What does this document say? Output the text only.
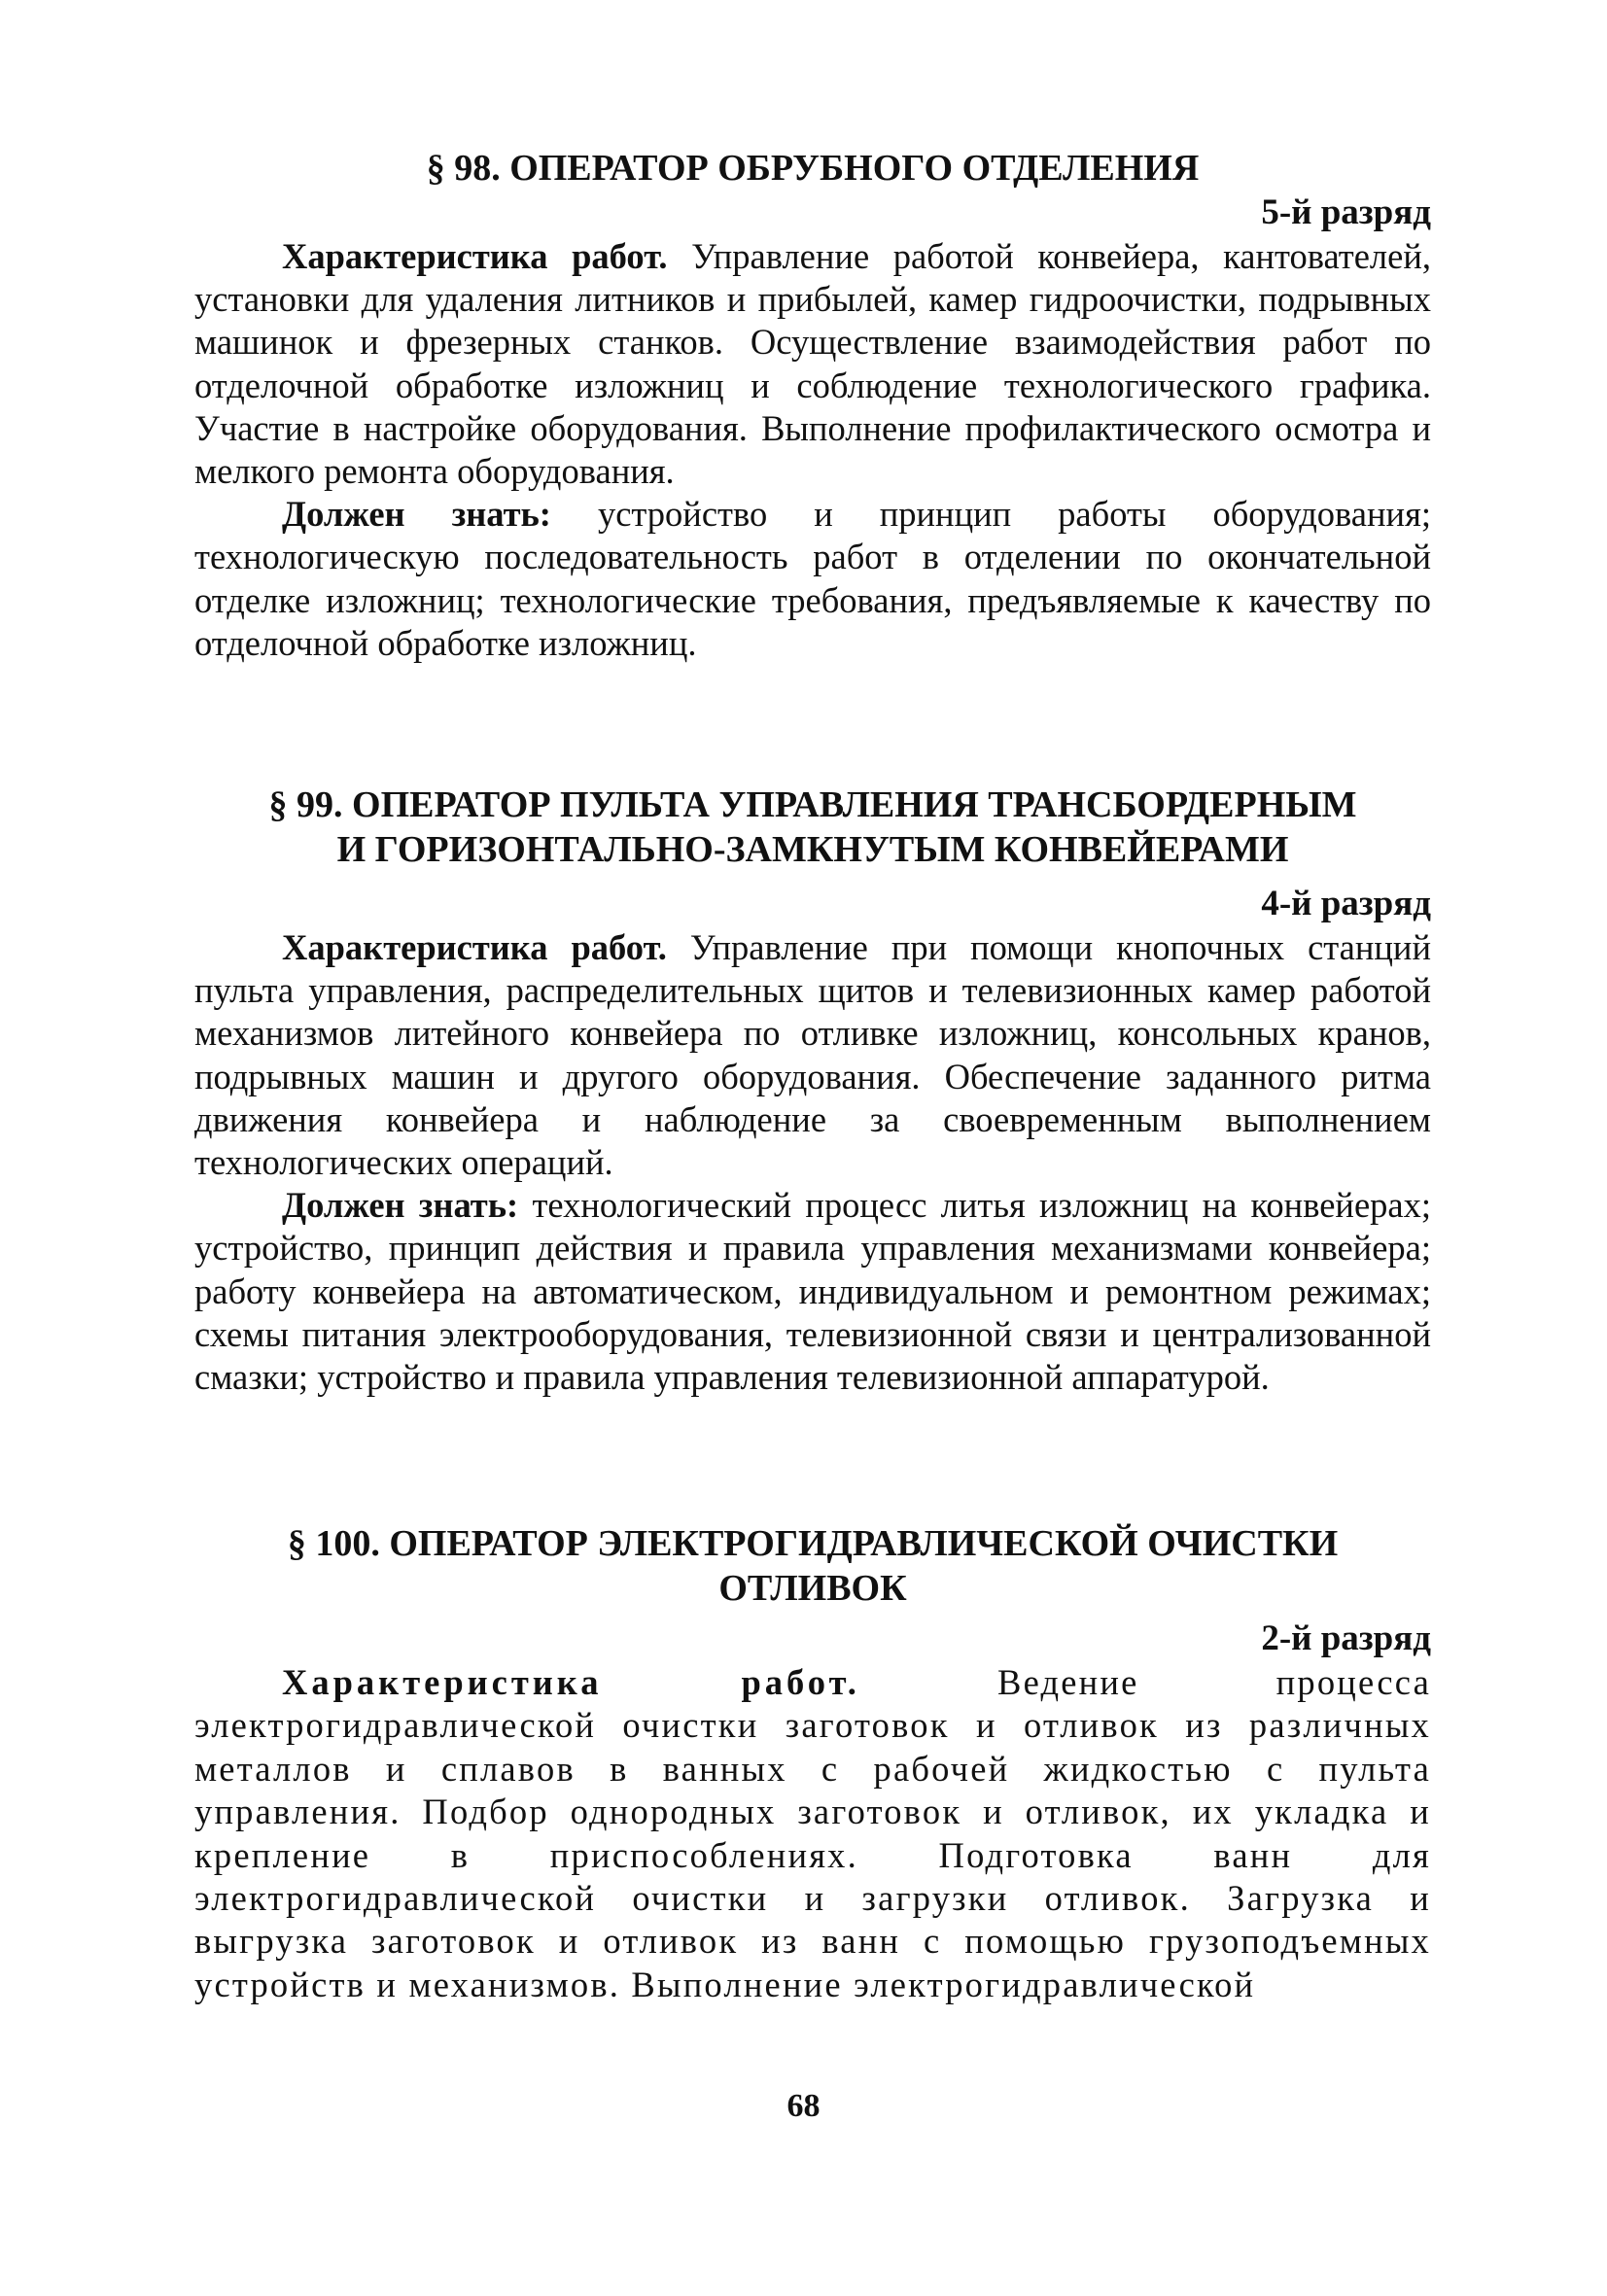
§ 98. ОПЕРАТОР ОБРУБНОГО ОТДЕЛЕНИЯ

5-й разряд

Характеристика работ. Управление работой конвейера, кантователей, установки для удаления литников и прибылей, камер гидроочистки, подрывных машинок и фрезерных станков. Осуществление взаимодействия работ по отделочной обработке изложниц и соблюдение технологического графика. Участие в настройке оборудования. Выполнение профилактического осмотра и мелкого ремонта оборудования.

Должен знать: устройство и принцип работы оборудования; технологическую последовательность работ в отделении по окончательной отделке изложниц; технологические требования, предъявляемые к качеству по отделочной обработке изложниц.

§ 99. ОПЕРАТОР ПУЛЬТА УПРАВЛЕНИЯ ТРАНСБОРДЕРНЫМ
И ГОРИЗОНТАЛЬНО-ЗАМКНУТЫМ КОНВЕЙЕРАМИ

4-й разряд

Характеристика работ. Управление при помощи кнопочных станций пульта управления, распределительных щитов и телевизионных камер работой механизмов литейного конвейера по отливке изложниц, консольных кранов, подрывных машин и другого оборудования. Обеспечение заданного ритма движения конвейера и наблюдение за своевременным выполнением технологических операций.

Должен знать: технологический процесс литья изложниц на конвейерах; устройство, принцип действия и правила управления механизмами конвейера; работу конвейера на автоматическом, индивидуальном и ремонтном режимах; схемы питания электрооборудования, телевизионной связи и централизованной смазки; устройство и правила управления телевизионной аппаратурой.

§ 100. ОПЕРАТОР ЭЛЕКТРОГИДРАВЛИЧЕСКОЙ ОЧИСТКИ
ОТЛИВОК

2-й разряд

Характеристика работ. Ведение процесса электрогидравлической очистки заготовок и отливок из различных металлов и сплавов в ванных с рабочей жидкостью с пульта управления. Подбор однородных заготовок и отливок, их укладка и крепление в приспособлениях. Подготовка ванн для электрогидравлической очистки и загрузки отливок. Загрузка и выгрузка заготовок и отливок из ванн с помощью грузоподъемных устройств и механизмов. Выполнение электрогидравлической

68
